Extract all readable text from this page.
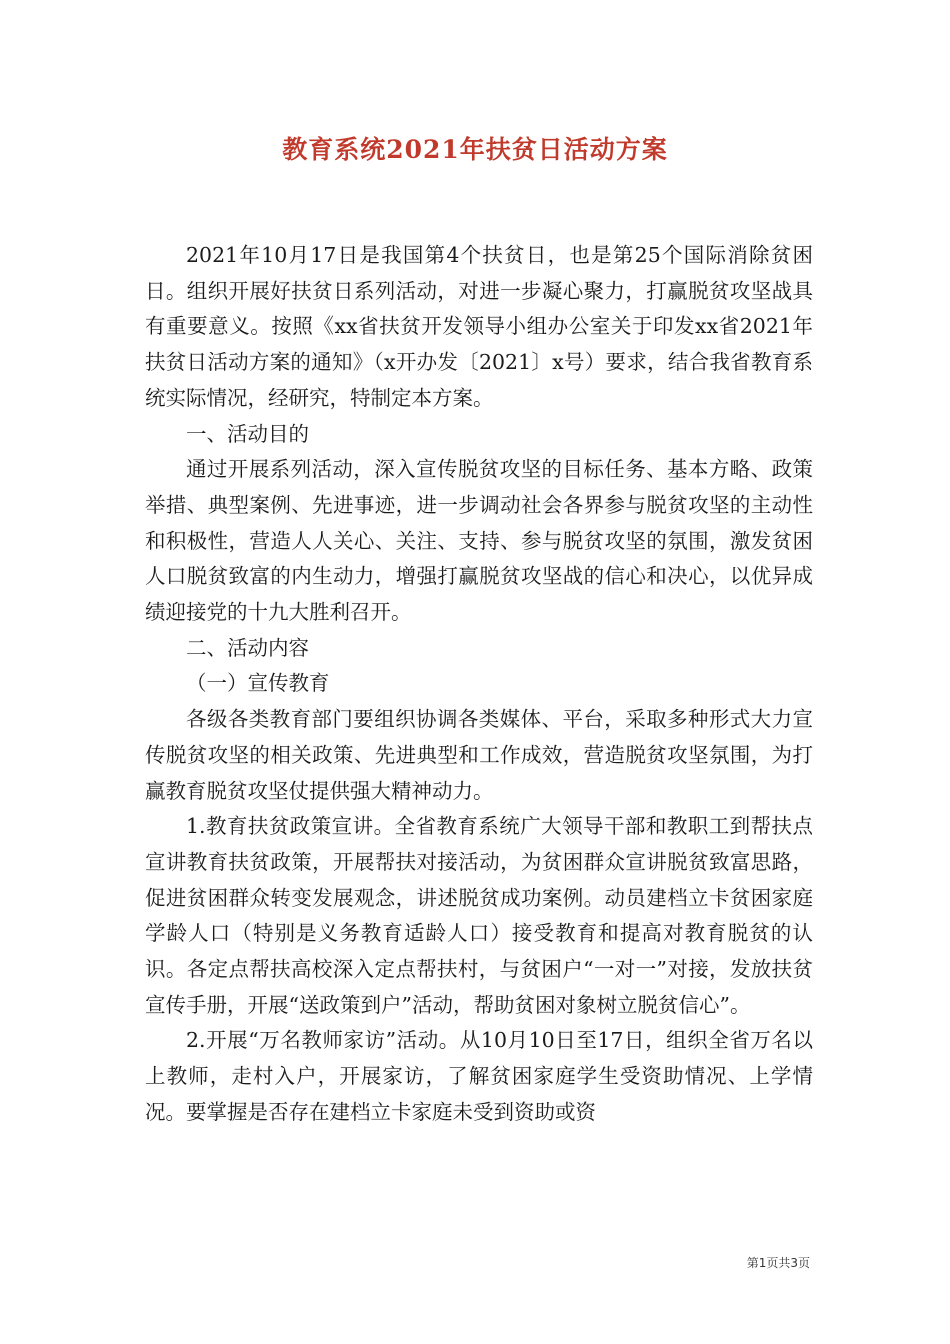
教育系统2021年扶贫日活动方案

2021年10月17日是我国第4个扶贫日，也是第25个国际消除贫困日。组织开展好扶贫日系列活动，对进一步凝心聚力，打赢脱贫攻坚战具有重要意义。按照《xx省扶贫开发领导小组办公室关于印发xx省2021年扶贫日活动方案的通知》（x开办发〔2021〕x号）要求，结合我省教育系统实际情况，经研究，特制定本方案。

一、活动目的

通过开展系列活动，深入宣传脱贫攻坚的目标任务、基本方略、政策举措、典型案例、先进事迹，进一步调动社会各界参与脱贫攻坚的主动性和积极性，营造人人关心、关注、支持、参与脱贫攻坚的氛围，激发贫困人口脱贫致富的内生动力，增强打赢脱贫攻坚战的信心和决心，以优异成绩迎接党的十九大胜利召开。

二、活动内容

（一）宣传教育

各级各类教育部门要组织协调各类媒体、平台，采取多种形式大力宣传脱贫攻坚的相关政策、先进典型和工作成效，营造脱贫攻坚氛围，为打赢教育脱贫攻坚仗提供强大精神动力。

1.教育扶贫政策宣讲。全省教育系统广大领导干部和教职工到帮扶点宣讲教育扶贫政策，开展帮扶对接活动，为贫困群众宣讲脱贫致富思路，促进贫困群众转变发展观念，讲述脱贫成功案例。动员建档立卡贫困家庭学龄人口（特别是义务教育适龄人口）接受教育和提高对教育脱贫的认识。各定点帮扶高校深入定点帮扶村，与贫困户“一对一”对接，发放扶贫宣传手册，开展“送政策到户”活动，帮助贫困对象树立脱贫信心”。

2.开展“万名教师家访”活动。从10月10日至17日，组织全省万名以上教师，走村入户，开展家访，了解贫困家庭学生受资助情况、上学情况。要掌握是否存在建档立卡家庭未受到资助或资

第1页共3页
